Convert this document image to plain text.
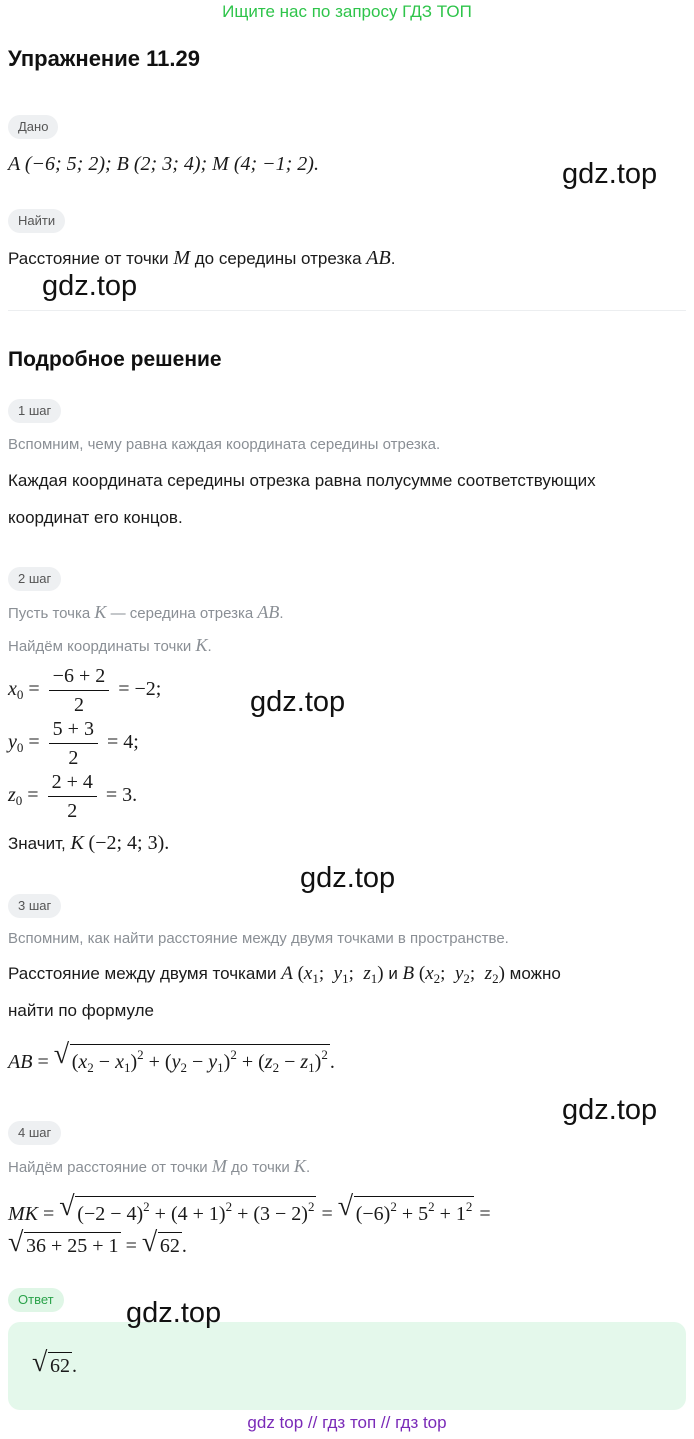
Ищите нас по запросу ГДЗ ТОП
Упражнение 11.29
Дано
A (−6; 5; 2); B (2; 3; 4); M (4; −1; 2).
Найти
Расстояние от точки M до середины отрезка AB.
Подробное решение
1 шаг
Вспомним, чему равна каждая координата середины отрезка.
Каждая координата середины отрезка равна полусумме соответствующих
координат его концов.
2 шаг
Пусть точка K — середина отрезка AB.
Найдём координаты точки K.
$x_0 = \frac{-6 + 2}{2} = -2$;
$y_0 = \frac{5 + 3}{2} = 4$;
$z_0 = \frac{2 + 4}{2} = 3$.
Значит, K (−2; 4; 3).
3 шаг
Вспомним, как найти расстояние между двумя точками в пространстве.
Расстояние между двумя точками A ($x_1$;  $y_1$;  $z_1$) и B ($x_2$;  $y_2$;  $z_2$) можно
найти по формуле
AB = √ $(x_2 - x_1)^2 + (y_2 - y_1)^2 + (z_2 - z_1)^2$ .
4 шаг
Найдём расстояние от точки M до точки K.
MK = √ $(-2 - 4)^2 + (4 + 1)^2 + (3 - 2)^2$ = √ $(-6)^2 + 5^2 + 1^2$ =
√ 36 + 25 + 1 = √ 62 .
Ответ
√ 62 .
gdz.top
gdz.top
gdz.top
gdz.top
gdz.top
gdz.top
gdz top // гдз топ // гдз top
